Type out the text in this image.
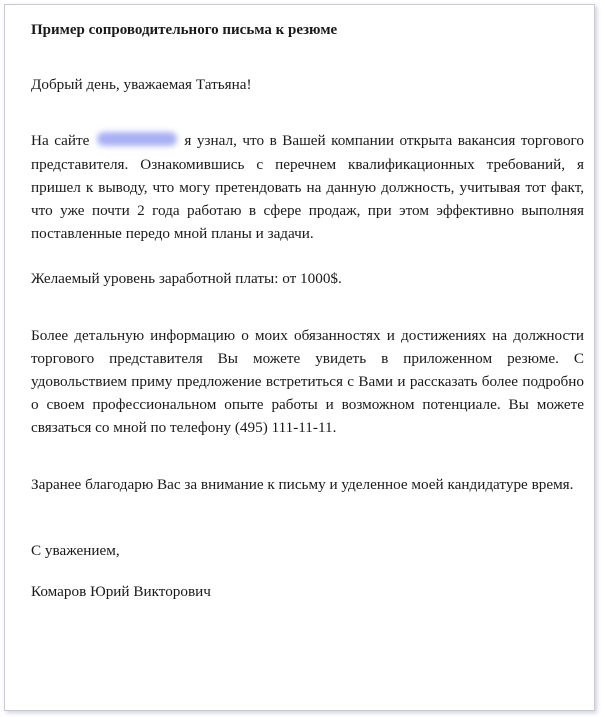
Пример сопроводительного письма к резюме
Добрый день, уважаемая Татьяна!

На сайте	я узнал, что в Вашей компании открыта вакансия торгового представителя. Ознакомившись с перечнем квалификационных требований, я пришел к выводу, что могу претендовать на данную должность, учитывая тот факт, что уже почти 2 года работаю в сфере продаж, при этом эффективно выполняя поставленные передо мной планы и задачи.

Желаемый уровень заработной платы: от 1000$.

Более детальную информацию о моих обязанностях и достижениях на должности торгового представителя Вы можете увидеть в приложенном резюме. С удовольствием приму предложение встретиться с Вами и рассказать более подробно о своем профессиональном опыте работы и возможном потенциале. Вы можете связаться со мной по телефону (495) 111-11-11.

Заранее благодарю Вас за внимание к письму и уделенное моей кандидатуре время.

С уважением,

Комаров Юрий Викторович
